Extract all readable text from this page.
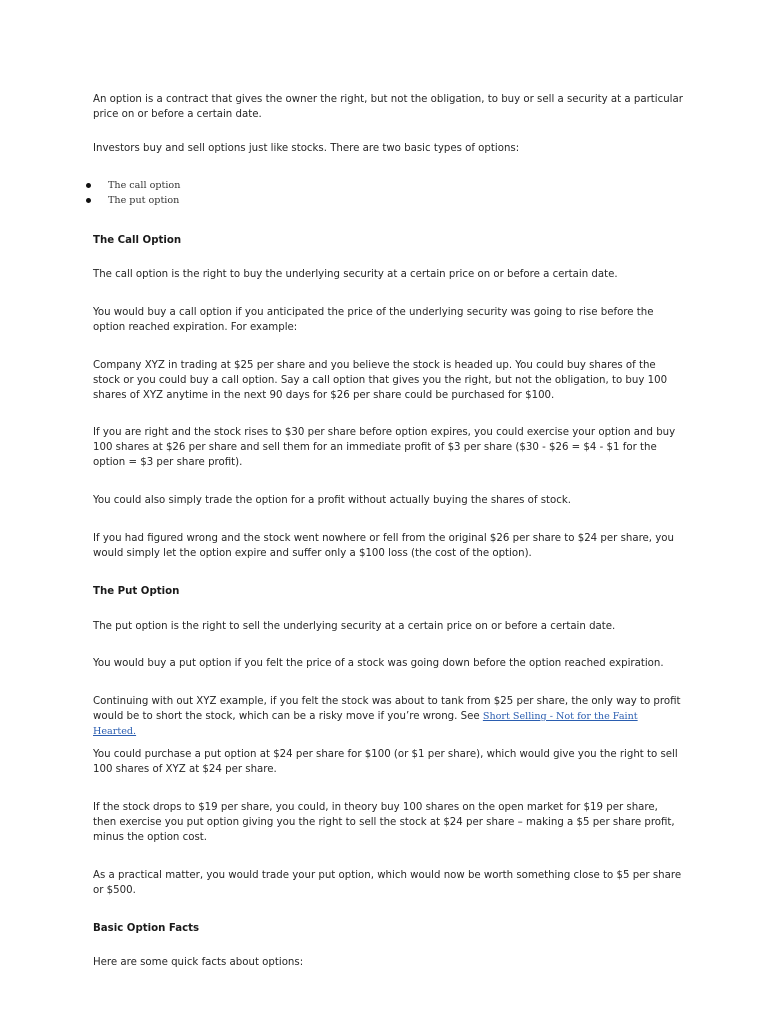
An option is a contract that gives the owner the right, but not the obligation, to buy or sell a security at a particular price on or before a certain date.

Investors buy and sell options just like stocks. There are two basic types of options:

The call option
The put option
The Call Option

The call option is the right to buy the underlying security at a certain price on or before a certain date.

You would buy a call option if you anticipated the price of the underlying security was going to rise before the option reached expiration. For example:

Company XYZ in trading at $25 per share and you believe the stock is headed up. You could buy shares of the stock or you could buy a call option. Say a call option that gives you the right, but not the obligation, to buy 100 shares of XYZ anytime in the next 90 days for $26 per share could be purchased for $100.

If you are right and the stock rises to $30 per share before option expires, you could exercise your option and buy 100 shares at $26 per share and sell them for an immediate profit of $3 per share ($30 - $26 = $4 - $1 for the option = $3 per share profit).

You could also simply trade the option for a profit without actually buying the shares of stock.

If you had figured wrong and the stock went nowhere or fell from the original $26 per share to $24 per share, you would simply let the option expire and suffer only a $100 loss (the cost of the option).

The Put Option

The put option is the right to sell the underlying security at a certain price on or before a certain date.

You would buy a put option if you felt the price of a stock was going down before the option reached expiration.

Continuing with out XYZ example, if you felt the stock was about to tank from $25 per share, the only way to profit would be to short the stock, which can be a risky move if you’re wrong. See Short Selling - Not for the Faint Hearted.

You could purchase a put option at $24 per share for $100 (or $1 per share), which would give you the right to sell 100 shares of XYZ at $24 per share.

If the stock drops to $19 per share, you could, in theory buy 100 shares on the open market for $19 per share, then exercise you put option giving you the right to sell the stock at $24 per share – making a $5 per share profit, minus the option cost.

As a practical matter, you would trade your put option, which would now be worth something close to $5 per share or $500.

Basic Option Facts

Here are some quick facts about options:
